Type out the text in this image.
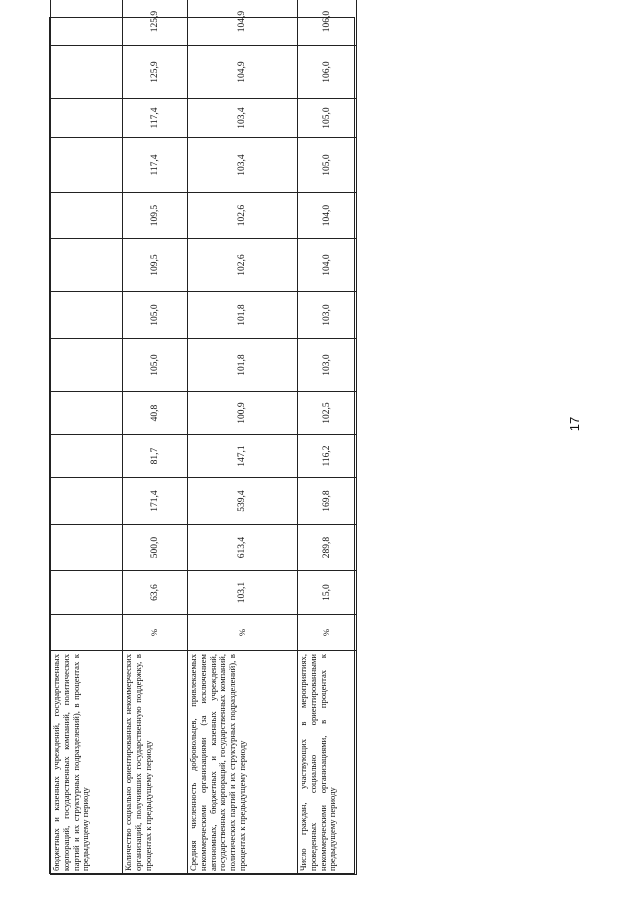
бюджетных и казенных учреждений, государственных корпораций, государственных компаний, политических партий и их структурных подразделений), в процентах к предыдущему периоду															
Количество социально ориентированных некоммерческих организаций, получивших государственную поддержку, в процентах к предыдущему периоду	%	63,6	500,0	171,4	81,7	40,8	105,0	105,0	109,5	109,5	117,4	117,4	125,9	125,9	
Средняя численность добровольцев, привлекаемых некоммерческими организациями (за исключением автономных, бюджетных и казенных учреждений, государственных корпораций, государственных компаний, политических партий и их структурных подразделений), в процентах к предыдущему периоду	%	103,1	613,4	539,4	147,1	100,9	101,8	101,8	102,6	102,6	103,4	103,4	104,9	104,9	
Число граждан, участвующих в мероприятиях, проведенных социально ориентированными некоммерческими организациями, в процентах к предыдущему периоду	%	15,0	289,8	169,8	116,2	102,5	103,0	103,0	104,0	104,0	105,0	105,0	106,0	106,0	
17
